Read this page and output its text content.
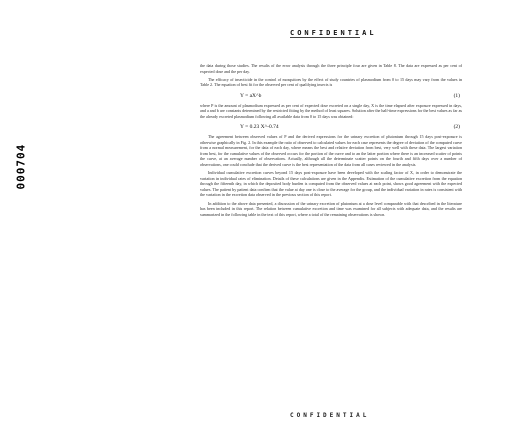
000704
CONFIDENTIAL

the data during those studies. The results of the error analysis through the three principle four are given in Table 8. The data are expressed as per cent of expected dose and the per day.

The efficacy of insecticide in the control of mosquitoes by the effect of study countries of plasmodium from 0 to 15 days may vary from the values in Table 2. The equation of best fit for the observed per cent of qualifying insects is

Y = aX^b	(1)

where P is the amount of plasmodium expressed as per cent of expected dose excreted on a single day, X is the time elapsed after exposure expressed in days, and a and b are constants determined by the restricted fitting by the method of least squares. Solution after the half-time expressions for the best values as far as the already excreted plasmodium following all available data from 0 to 15 days was obtained:

Y = 0.23 X^-0.74	(2)

The agreement between observed values of P and the derived expressions for the urinary excretion of plutonium through 15 days post-exposure is otherwise graphically in Fig. 2. In this example the ratio of observed to calculated values for each case represents the degree of deviation of the computed curve from a normal measurement, for the data of each day, where means the best and relative deviation from best, very well with these data. The largest variation from best, for the cumulative values of the observed occurs for the portion of the curve and to an the latter portion where there is an increased scatter of points the curve, at an average number of observations. Actually, although all the determinate scatter points on the fourth and fifth days over a number of observations, one could conclude that the derived curve is the best representation of the data from all cases reviewed in the analysis.

Individual cumulative excretion curves beyond 15 days post-exposure have been developed with the scaling factor of X, in order to demonstrate the variation in individual rates of elimination. Details of these calculations are given in the Appendix. Estimation of the cumulative excretion from the equation through the fifteenth day, in which the deposited body burden is computed from the observed values at each point, shows good agreement with the expected values. The patient by patient data confirm that the value at day one is close to the average for the group, and the individual variation in rates is consistent with the variation in the excretion data observed in the previous section of this report.

In addition to the above data presented, a discussion of the urinary excretion of plutonium at a dose level comparable with that described in the literature has been included in this report. The relation between cumulative excretion and time was examined for all subjects with adequate data, and the results are summarized in the following table in the text of this report, where a total of the remaining observations is shown.

CONFIDENTIAL
